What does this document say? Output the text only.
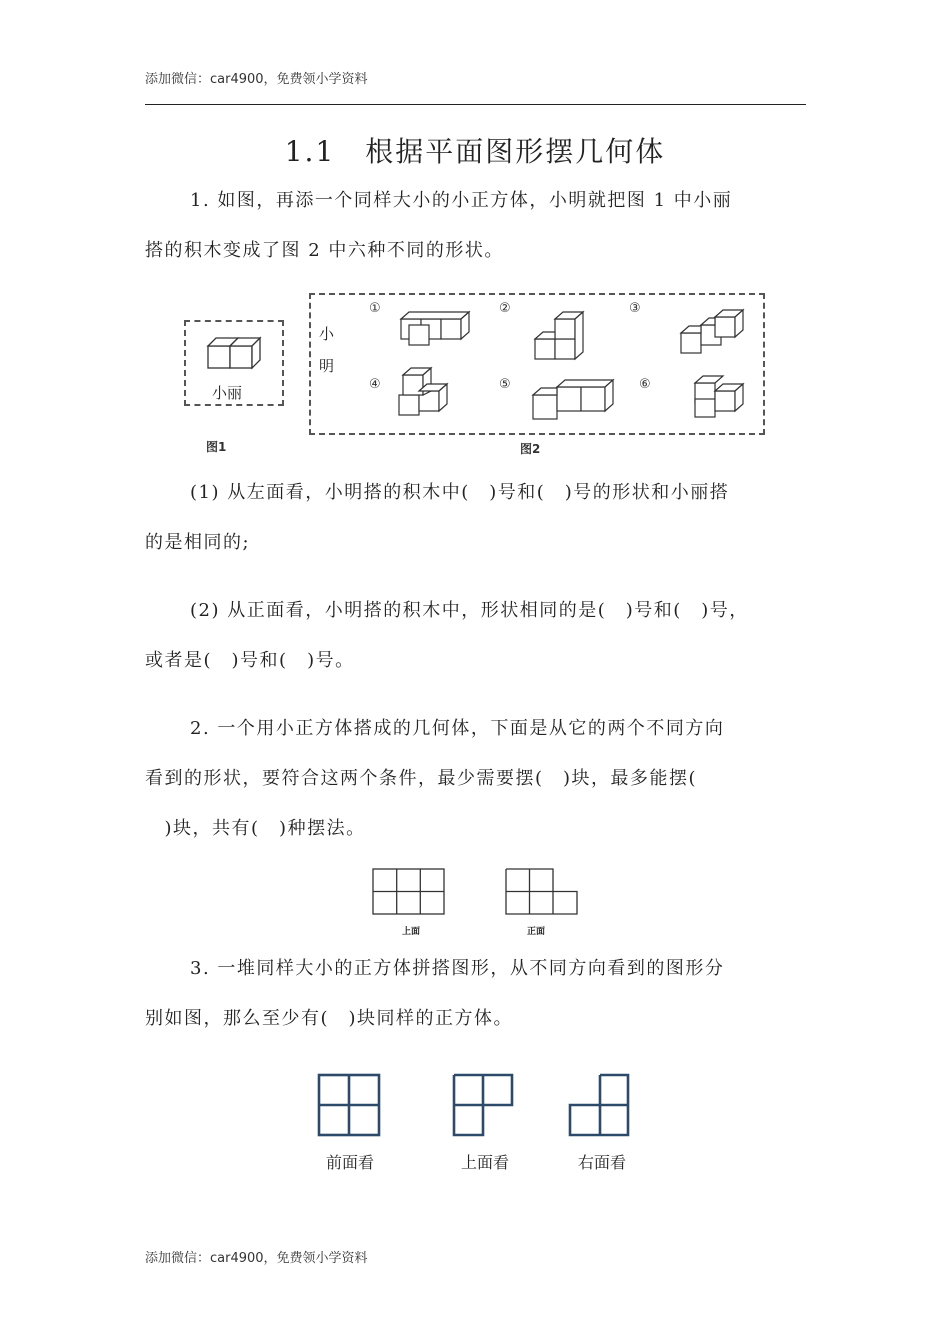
添加微信：car4900，免费领小学资料
1.1　根据平面图形摆几何体
1. 如图，再添一个同样大小的小正方体，小明就把图 1 中小丽
搭的积木变成了图 2 中六种不同的形状。
小丽
图1
小
明
①	②	③
④	⑤	⑥
图2
(1) 从左面看，小明搭的积木中(　)号和(　)号的形状和小丽搭
的是相同的;
(2) 从正面看，小明搭的积木中，形状相同的是(　)号和(　)号，
或者是(　)号和(　)号。
2. 一个用小正方体搭成的几何体，下面是从它的两个不同方向
看到的形状，要符合这两个条件，最少需要摆(　)块，最多能摆(
　)块，共有(　)种摆法。
上面	正面
3. 一堆同样大小的正方体拼搭图形，从不同方向看到的图形分
别如图，那么至少有(　)块同样的正方体。
前面看	上面看	右面看
添加微信：car4900，免费领小学资料
